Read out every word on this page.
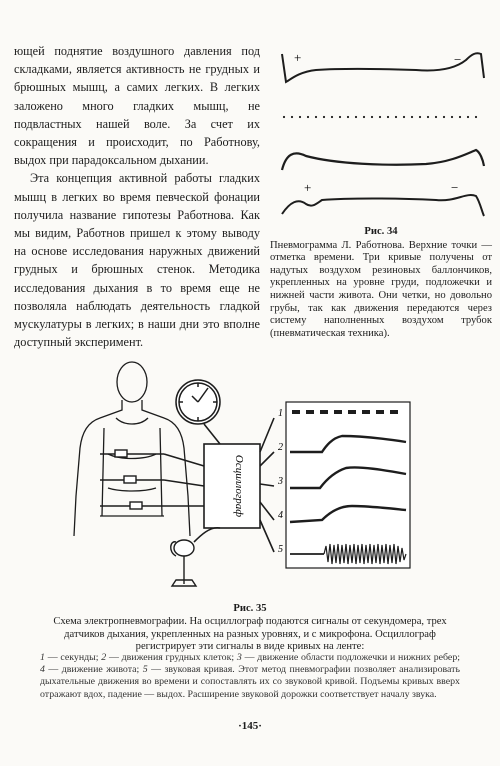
ющей поднятие воздушного давления под складками, является активность не грудных и брюшных мышц, а самих легких. В легких заложено много гладких мышц, не подвластных нашей воле. За счет их сокращения и происходит, по Работнову, выдох при парадоксальном дыхании.

Эта концепция активной работы гладких мышц в легких во время певческой фонации получила название гипотезы Работнова. Как мы видим, Работнов пришел к этому выводу на основе исследования наружных движений грудных и брюшных стенок. Методика исследования дыхания в то время еще не позволяла наблюдать деятельность гладкой мускулатуры в легких; в наши дни это вполне доступный эксперимент.

+	−
+	−
Рис. 34
Пневмограмма Л. Работнова. Верхние точки — отметка времени. Три кривые получены от надутых воздухом резиновых баллончиков, укрепленных на уровне груди, подложечки и нижней части живота. Они четки, но довольно грубы, так как движения передаются через систему наполненных воздухом трубок (пневматическая техника).
Осциллограф
1
2
3
4
5
Рис. 35
Схема электропневмографии. На осциллограф подаются сигналы от секундомера, трех датчиков дыхания, укрепленных на разных уровнях, и с микрофона. Осциллограф регистрирует эти сигналы в виде кривых на ленте:
1 — секунды; 2 — движения грудных клеток; 3 — движение области подложечки и нижних ребер; 4 — движение живота; 5 — звуковая кривая. Этот метод пневмографии позволяет анализировать дыхательные движения во времени и сопоставлять их со звуковой кривой. Подъемы кривых вверх отражают вдох, падение — выдох. Расширение звуковой дорожки соответствует началу звука.
·145·
